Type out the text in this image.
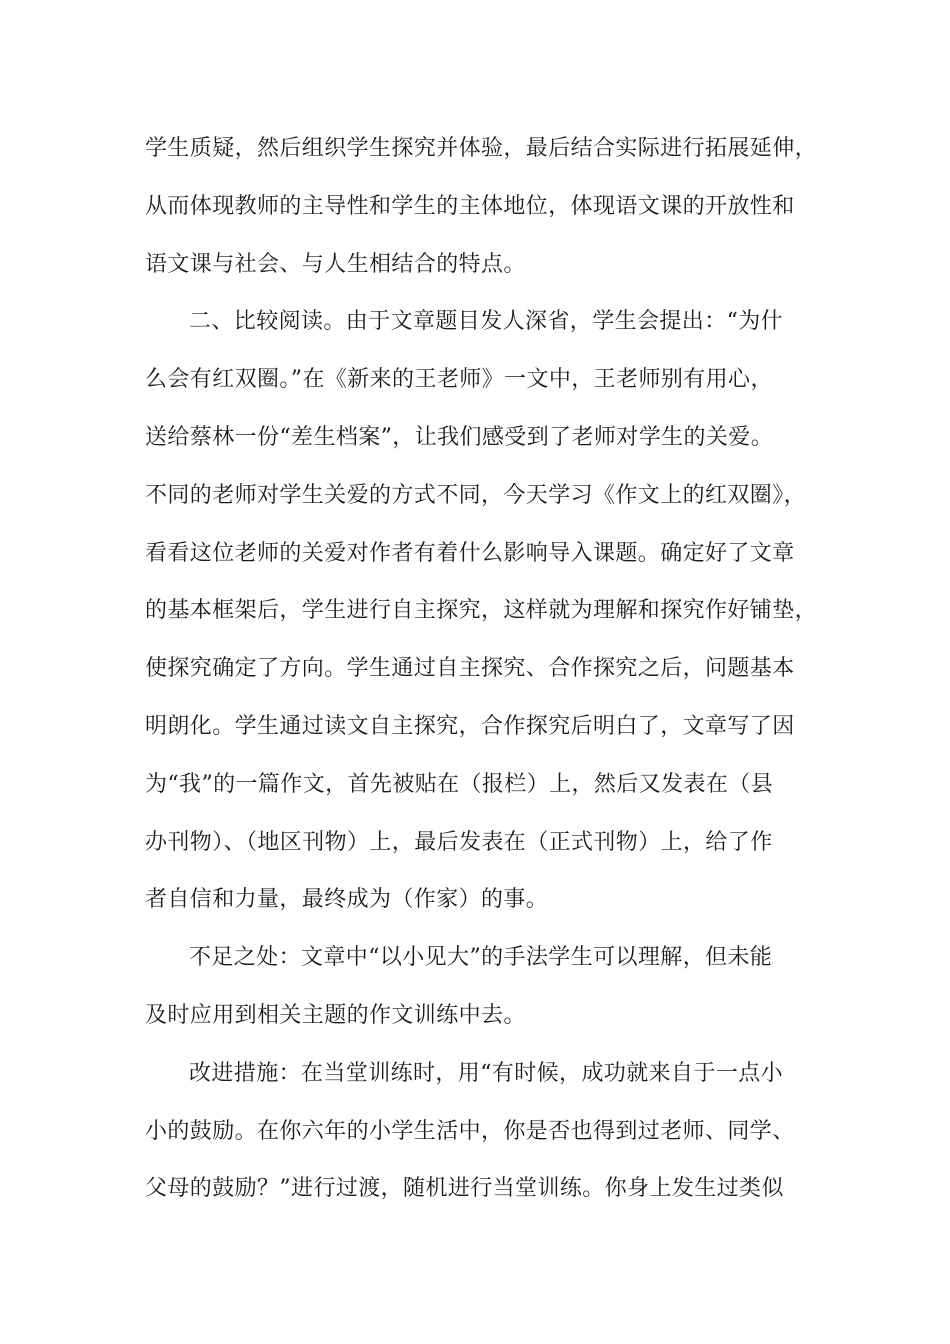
学生质疑，然后组织学生探究并体验，最后结合实际进行拓展延伸，
从而体现教师的主导性和学生的主体地位，体现语文课的开放性和
语文课与社会、与人生相结合的特点。
二、比较阅读。由于文章题目发人深省，学生会提出：“为什
么会有红双圈。”在《新来的王老师》一文中，王老师别有用心，
送给蔡林一份“差生档案”，让我们感受到了老师对学生的关爱。
不同的老师对学生关爱的方式不同，今天学习《作文上的红双圈》，
看看这位老师的关爱对作者有着什么影响导入课题。确定好了文章
的基本框架后，学生进行自主探究，这样就为理解和探究作好铺垫，
使探究确定了方向。学生通过自主探究、合作探究之后，问题基本
明朗化。学生通过读文自主探究，合作探究后明白了，文章写了因
为“我”的一篇作文，首先被贴在（报栏）上，然后又发表在（县
办刊物）、（地区刊物）上，最后发表在（正式刊物）上，给了作
者自信和力量，最终成为（作家）的事。
不足之处：文章中“以小见大”的手法学生可以理解，但未能
及时应用到相关主题的作文训练中去。
改进措施：在当堂训练时，用“有时候，成功就来自于一点小
小的鼓励。在你六年的小学生活中，你是否也得到过老师、同学、
父母的鼓励？”进行过渡，随机进行当堂训练。你身上发生过类似
